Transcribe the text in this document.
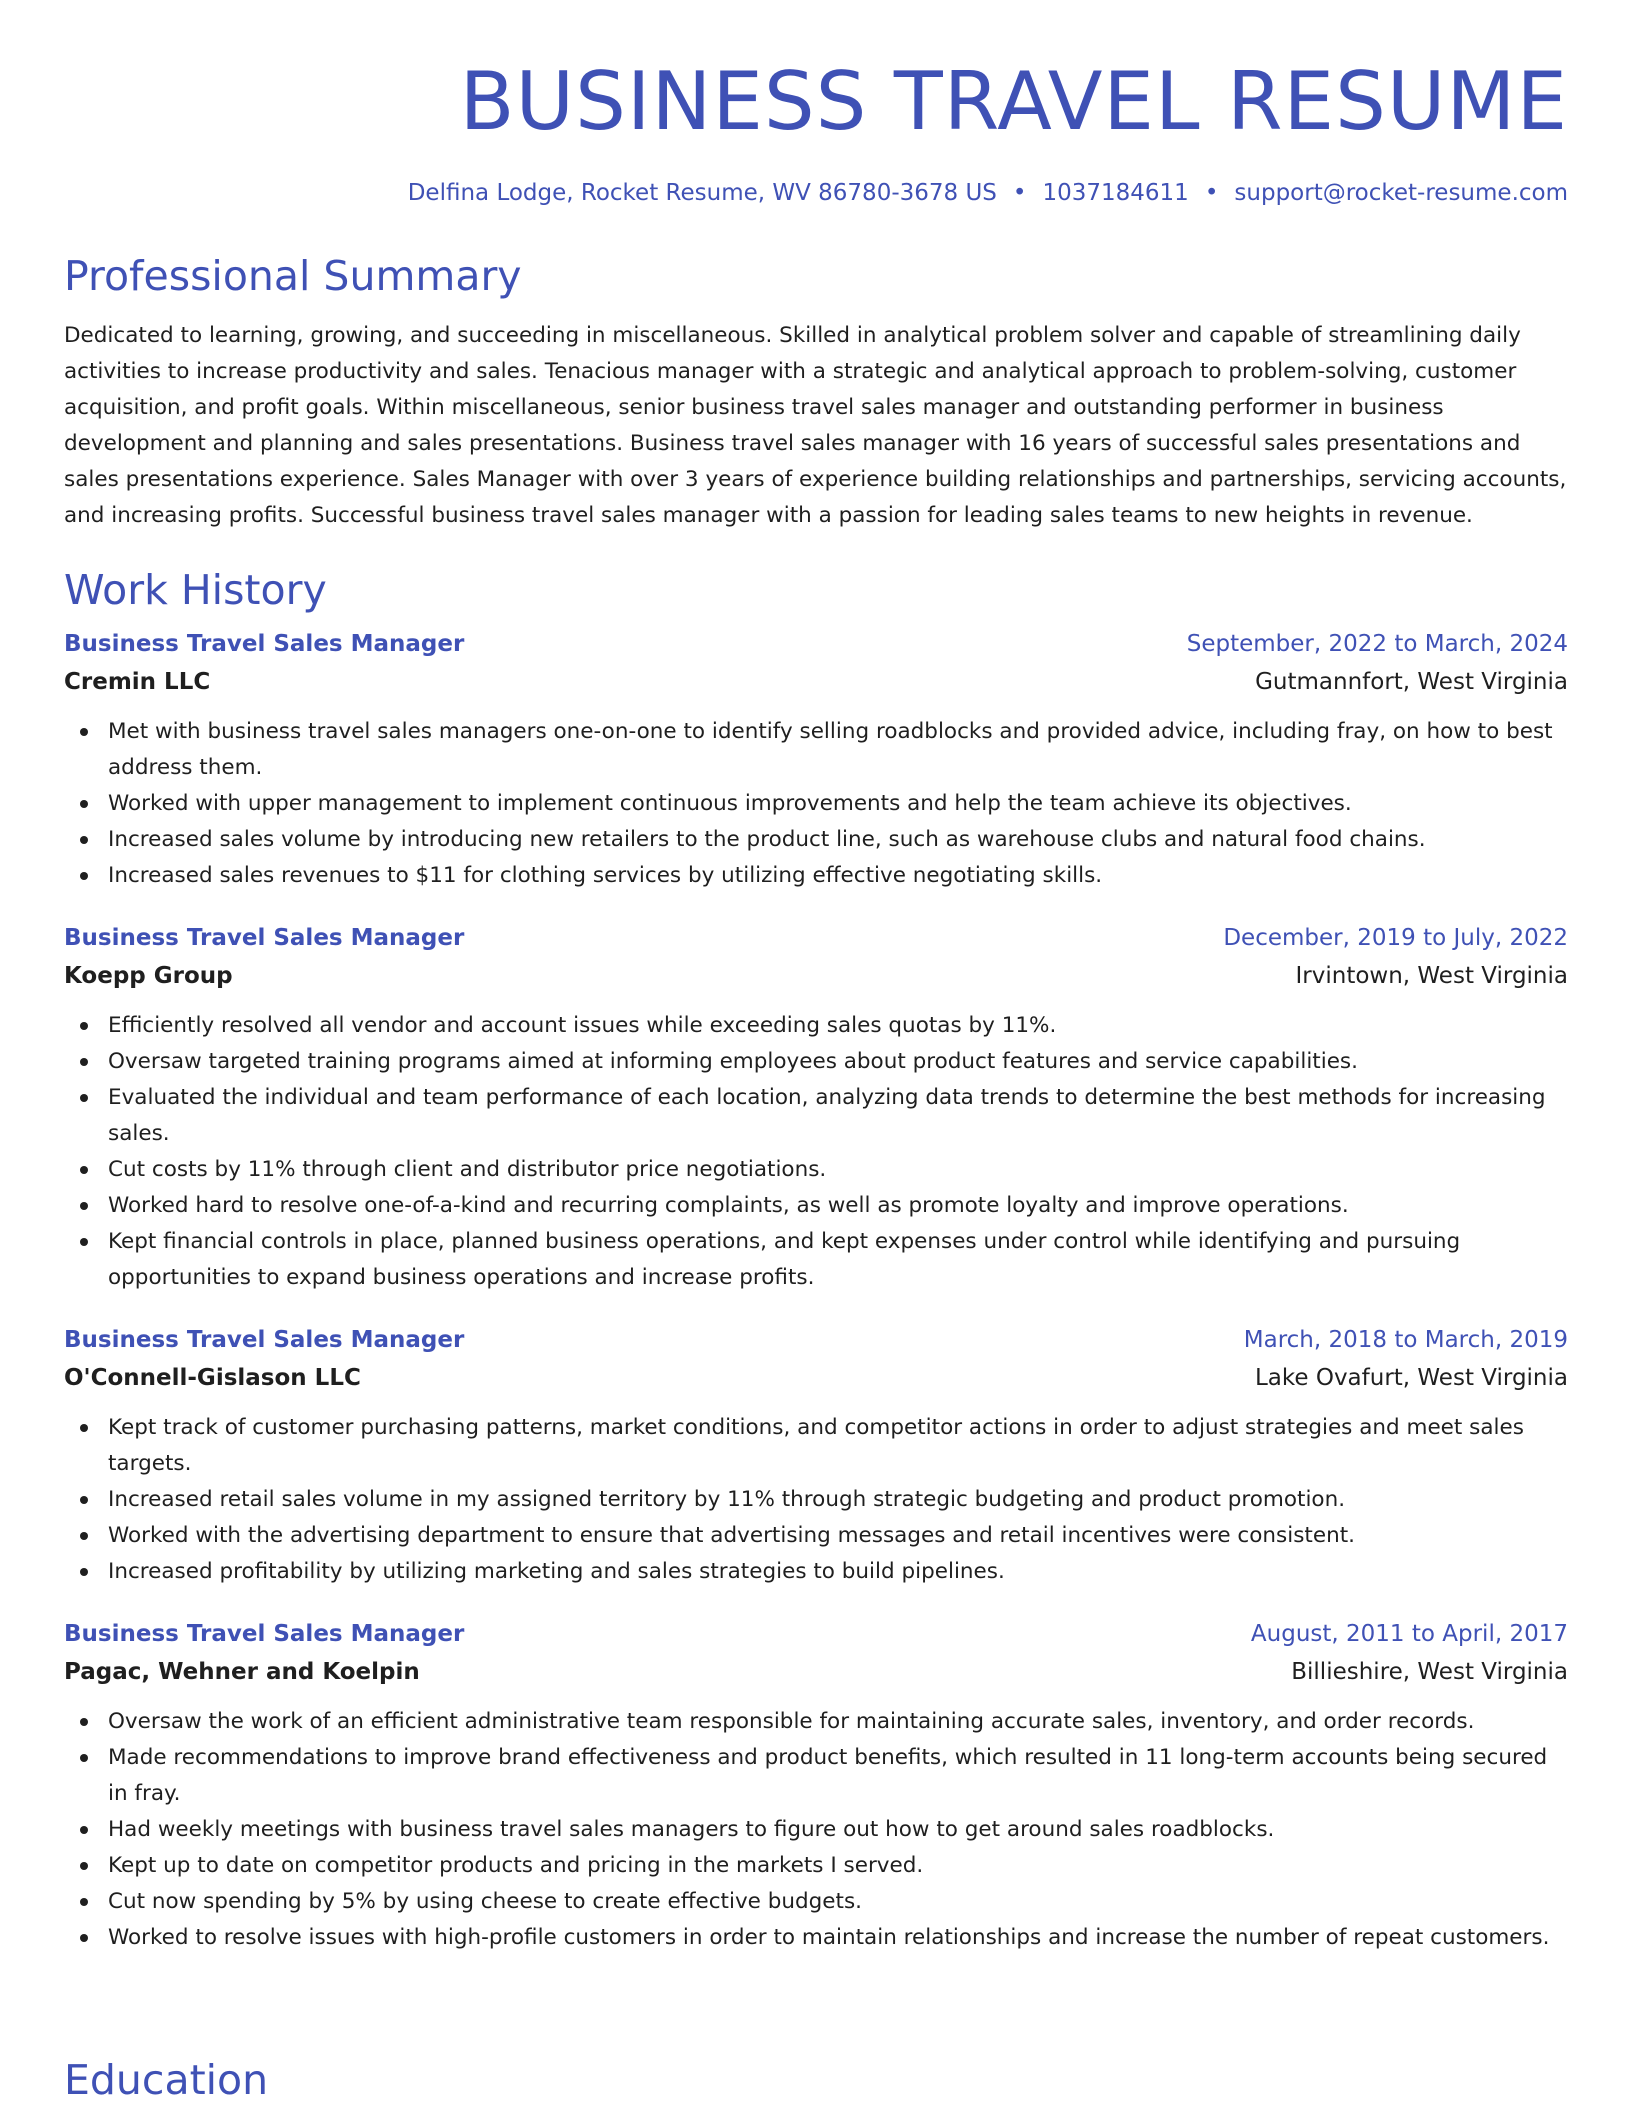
BUSINESS TRAVEL RESUME
Delfina Lodge, Rocket Resume, WV 86780-3678 US • 1037184611 • support@rocket-resume.com
Professional Summary

Dedicated to learning, growing, and succeeding in miscellaneous. Skilled in analytical problem solver and capable of streamlining daily activities to increase productivity and sales. Tenacious manager with a strategic and analytical approach to problem-solving, customer acquisition, and profit goals. Within miscellaneous, senior business travel sales manager and outstanding performer in business development and planning and sales presentations. Business travel sales manager with 16 years of successful sales presentations and sales presentations experience. Sales Manager with over 3 years of experience building relationships and partnerships, servicing accounts, and increasing profits. Successful business travel sales manager with a passion for leading sales teams to new heights in revenue.

Work History
Business Travel Sales Manager	September, 2022 to March, 2024
Cremin LLC	Gutmannfort, West Virginia
Met with business travel sales managers one-on-one to identify selling roadblocks and provided advice, including fray, on how to best address them.
Worked with upper management to implement continuous improvements and help the team achieve its objectives.
Increased sales volume by introducing new retailers to the product line, such as warehouse clubs and natural food chains.
Increased sales revenues to $11 for clothing services by utilizing effective negotiating skills.
Business Travel Sales Manager	December, 2019 to July, 2022
Koepp Group	Irvintown, West Virginia
Efficiently resolved all vendor and account issues while exceeding sales quotas by 11%.
Oversaw targeted training programs aimed at informing employees about product features and service capabilities.
Evaluated the individual and team performance of each location, analyzing data trends to determine the best methods for increasing sales.
Cut costs by 11% through client and distributor price negotiations.
Worked hard to resolve one-of-a-kind and recurring complaints, as well as promote loyalty and improve operations.
Kept financial controls in place, planned business operations, and kept expenses under control while identifying and pursuing opportunities to expand business operations and increase profits.
Business Travel Sales Manager	March, 2018 to March, 2019
O'Connell-Gislason LLC	Lake Ovafurt, West Virginia
Kept track of customer purchasing patterns, market conditions, and competitor actions in order to adjust strategies and meet sales targets.
Increased retail sales volume in my assigned territory by 11% through strategic budgeting and product promotion.
Worked with the advertising department to ensure that advertising messages and retail incentives were consistent.
Increased profitability by utilizing marketing and sales strategies to build pipelines.
Business Travel Sales Manager	August, 2011 to April, 2017
Pagac, Wehner and Koelpin	Billieshire, West Virginia
Oversaw the work of an efficient administrative team responsible for maintaining accurate sales, inventory, and order records.
Made recommendations to improve brand effectiveness and product benefits, which resulted in 11 long-term accounts being secured in fray.
Had weekly meetings with business travel sales managers to figure out how to get around sales roadblocks.
Kept up to date on competitor products and pricing in the markets I served.
Cut now spending by 5% by using cheese to create effective budgets.
Worked to resolve issues with high-profile customers in order to maintain relationships and increase the number of repeat customers.
Education
